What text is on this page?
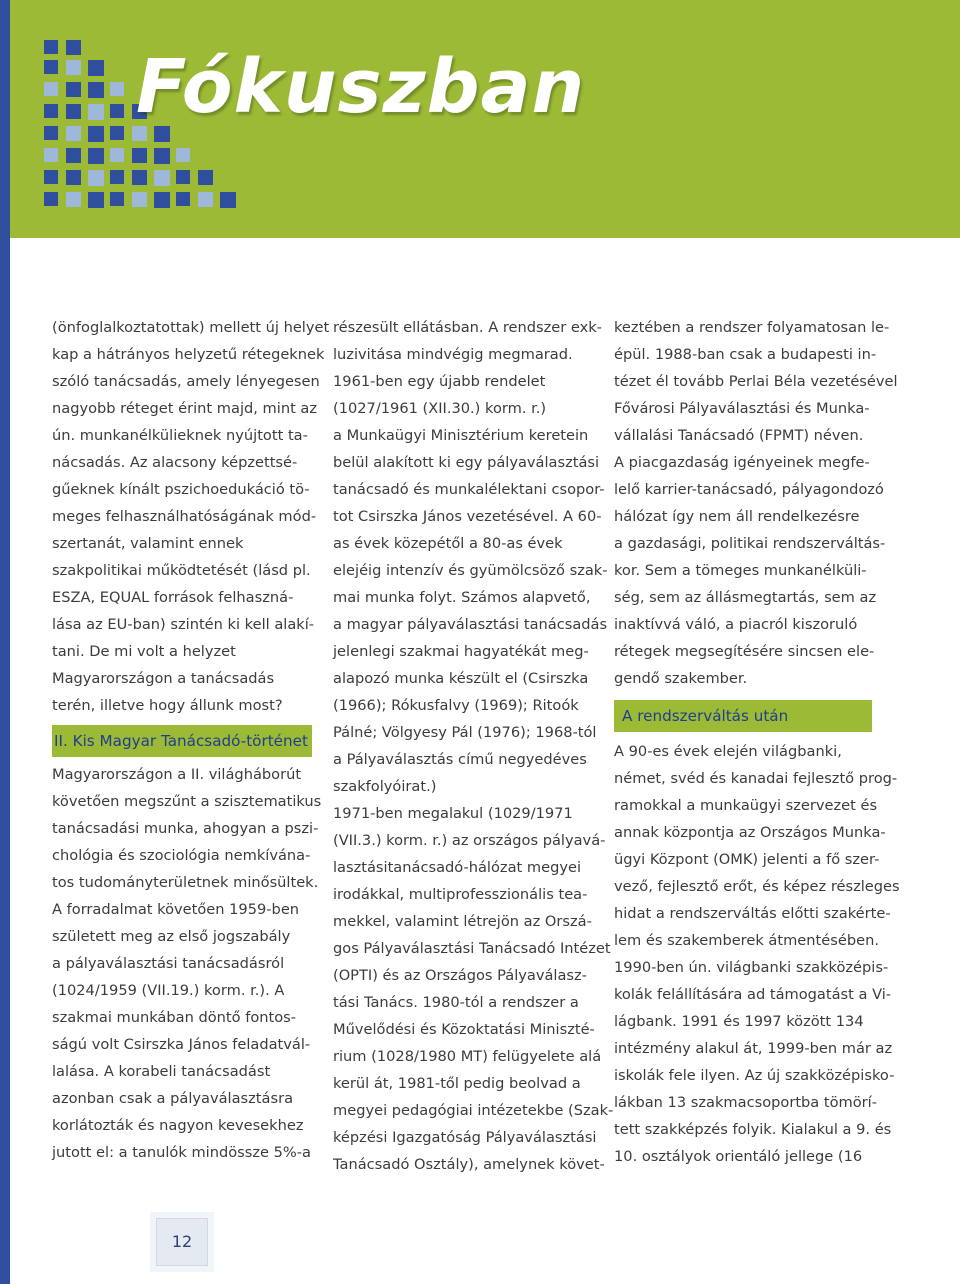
Fókuszban
(önfoglalkoztatottak) mellett új helyet
kap a hátrányos helyzetű rétegeknek
szóló tanácsadás, amely lényegesen
nagyobb réteget érint majd, mint az
ún. munkanélkülieknek nyújtott ta-
nácsadás. Az alacsony képzettsé-
gűeknek kínált pszichoedukáció tö-
meges felhasználhatóságának mód-
szertanát, valamint ennek
szakpolitikai működtetését (lásd pl.
ESZA, EQUAL források felhaszná-
lása az EU-ban) szintén ki kell alakí-
tani. De mi volt a helyzet
Magyarországon a tanácsadás
terén, illetve hogy állunk most?
II. Kis Magyar Tanácsadó-történet
Magyarországon a II. világháborút
követően megszűnt a szisztematikus
tanácsadási munka, ahogyan a pszi-
chológia és szociológia nemkívána-
tos tudományterületnek minősültek.
A forradalmat követően 1959-ben
született meg az első jogszabály
a pályaválasztási tanácsadásról
(1024/1959 (VII.19.) korm. r.). A
szakmai munkában döntő fontos-
ságú volt Csirszka János feladatvál-
lalása. A korabeli tanácsadást
azonban csak a pályaválasztásra
korlátozták és nagyon kevesekhez
jutott el: a tanulók mindössze 5%-a
részesült ellátásban. A rendszer exk-
luzivitása mindvégig megmarad.
1961-ben egy újabb rendelet
(1027/1961 (XII.30.) korm. r.)
a Munkaügyi Minisztérium keretein
belül alakított ki egy pályaválasztási
tanácsadó és munkalélektani csopor-
tot Csirszka János vezetésével. A 60-
as évek közepétől a 80-as évek
elejéig intenzív és gyümölcsöző szak-
mai munka folyt. Számos alapvető,
a magyar pályaválasztási tanácsadás
jelenlegi szakmai hagyatékát meg-
alapozó munka készült el (Csirszka
(1966); Rókusfalvy (1969); Ritoók
Pálné; Völgyesy Pál (1976); 1968-tól
a Pályaválasztás című negyedéves
szakfolyóirat.)
1971-ben megalakul (1029/1971
(VII.3.) korm. r.) az országos pályavá-
lasztásitanácsadó-hálózat megyei
irodákkal, multiprofesszionális tea-
mekkel, valamint létrejön az Orszá-
gos Pályaválasztási Tanácsadó Intézet
(OPTI) és az Országos Pályaválasz-
tási Tanács. 1980-tól a rendszer a
Művelődési és Közoktatási Miniszté-
rium (1028/1980 MT) felügyelete alá
kerül át, 1981-től pedig beolvad a
megyei pedagógiai intézetekbe (Szak-
képzési Igazgatóság Pályaválasztási
Tanácsadó Osztály), amelynek követ-
keztében a rendszer folyamatosan le-
épül. 1988-ban csak a budapesti in-
tézet él tovább Perlai Béla vezetésével
Fővárosi Pályaválasztási és Munka-
vállalási Tanácsadó (FPMT) néven.
A piacgazdaság igényeinek megfe-
lelő karrier-tanácsadó, pályagondozó
hálózat így nem áll rendelkezésre
a gazdasági, politikai rendszerváltás-
kor. Sem a tömeges munkanélküli-
ség, sem az állásmegtartás, sem az
inaktívvá váló, a piacról kiszoruló
rétegek megsegítésére sincsen ele-
gendő szakember.
A rendszerváltás után
A 90-es évek elején világbanki,
német, svéd és kanadai fejlesztő prog-
ramokkal a munkaügyi szervezet és
annak központja az Országos Munka-
ügyi Központ (OMK) jelenti a fő szer-
vező, fejlesztő erőt, és képez részleges
hidat a rendszerváltás előtti szakérte-
lem és szakemberek átmentésében.
1990-ben ún. világbanki szakközépis-
kolák felállítására ad támogatást a Vi-
lágbank. 1991 és 1997 között 134
intézmény alakul át, 1999-ben már az
iskolák fele ilyen. Az új szakközépisko-
lákban 13 szakmacsoportba tömörí-
tett szakképzés folyik. Kialakul a 9. és
10. osztályok orientáló jellege (16
12
